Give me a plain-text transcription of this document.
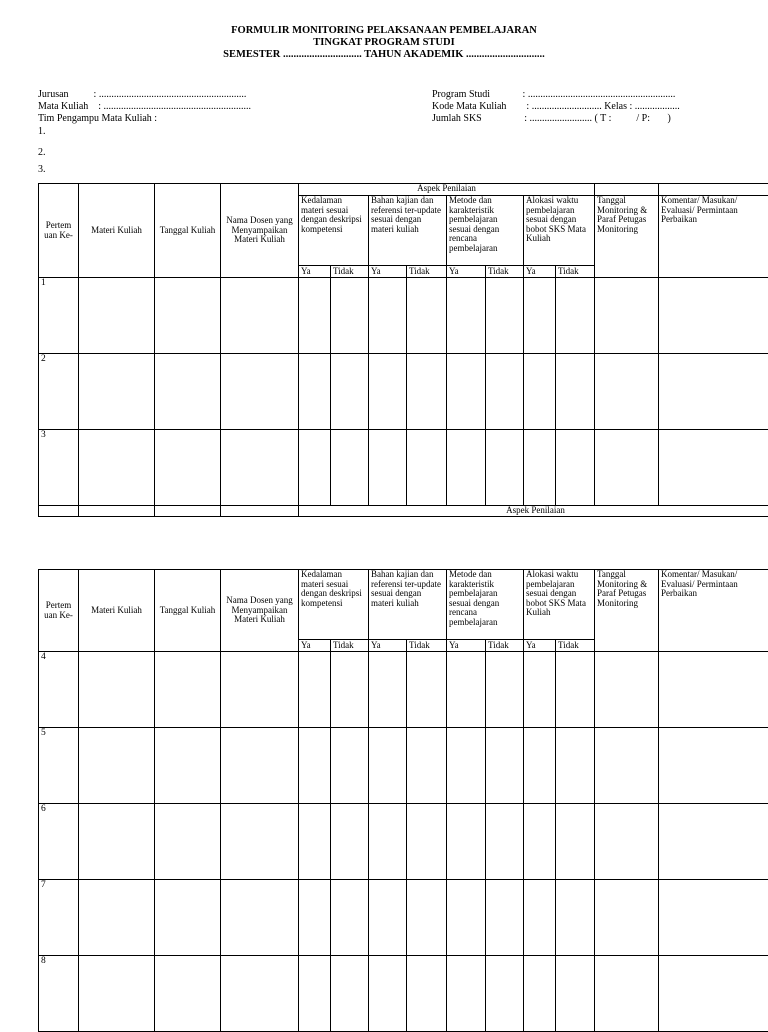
FORMULIR MONITORING PELAKSANAAN PEMBELAJARAN
TINGKAT PROGRAM STUDI
SEMESTER .............................. TAHUN AKADEMIK ..............................
Jurusan          : ...........................................................
Mata Kuliah    : ...........................................................
Tim Pengampu Mata Kuliah :
1.
2.
3.
Program Studi             : ...........................................................
Kode Mata Kuliah        : ............................ Kelas : ..................
Jumlah SKS                 : ......................... ( T :          / P:       )
Pertem uan Ke-	Materi Kuliah	Tanggal Kuliah	Nama Dosen yang Menyampaikan Materi Kuliah	Aspek Penilaian									
				Kedalaman materi sesuai dengan deskripsi kompetensi		Bahan kajian dan referensi ter-update sesuai dengan materi kuliah		Metode dan karakteristik pembelajaran sesuai dengan rencana pembelajaran		Alokasi waktu pembelajaran sesuai dengan bobot SKS Mata Kuliah		Tanggal Monitoring & Paraf Petugas Monitoring	Komentar/ Masukan/ Evaluasi/ Permintaan Perbaikan
				Ya	Tidak	Ya	Tidak	Ya	Tidak	Ya	Tidak		
1													
2													
3													
				Aspek Penilaian									
Pertem uan Ke-	Materi Kuliah	Tanggal Kuliah	Nama Dosen yang Menyampaikan Materi Kuliah	Kedalaman materi sesuai dengan deskripsi kompetensi		Bahan kajian dan referensi ter-update sesuai dengan materi kuliah		Metode dan karakteristik pembelajaran sesuai dengan rencana pembelajaran		Alokasi waktu pembelajaran sesuai dengan bobot SKS Mata Kuliah		Tanggal Monitoring & Paraf Petugas Monitoring	Komentar/ Masukan/ Evaluasi/ Permintaan Perbaikan
				Ya	Tidak	Ya	Tidak	Ya	Tidak	Ya	Tidak		
4													
5													
6													
7													
8													
